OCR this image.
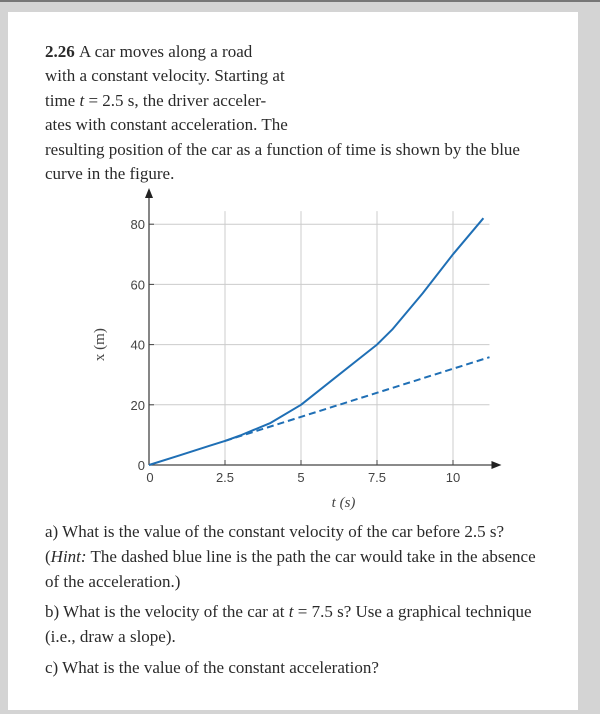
2.26 A car moves along a road
with a constant velocity. Starting at
time t = 2.5 s, the driver acceler-
ates with constant acceleration. The
resulting position of the car as a function of time is shown by the blue
curve in the figure.
0	2.5	5	7.5	10
0
20
40
60
80
t (s)
x (m)
a) What is the value of the constant velocity of the car before 2.5 s?
(Hint: The dashed blue line is the path the car would take in the absence
of the acceleration.)
b) What is the velocity of the car at t = 7.5 s? Use a graphical technique
(i.e., draw a slope).
c) What is the value of the constant acceleration?
